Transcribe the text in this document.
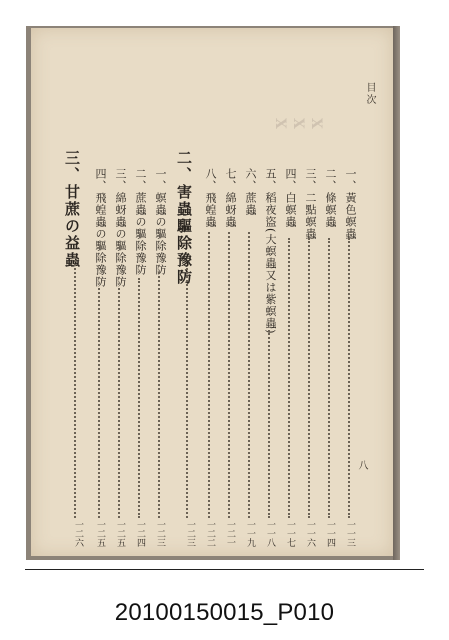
目次
X
X
X
一、黃色螟蟲
一一三
二、條螟蟲
一一四
三、二點螟蟲
一一六
四、白螟蟲
一一七
五、稻夜盜(大螟蟲又は紫螟蟲)
一一八
六、蔗蟲
一一九
七、綿蚜蟲
一二一
八、飛蝗蟲
一二二
二、害蟲驅除豫防
一二三
一、螟蟲の驅除豫防
一二三
二、蔗蟲の驅除豫防
一二四
三、綿蚜蟲の驅除豫防
一二五
四、飛蝗蟲の驅除豫防
一二五
三、甘蔗の益蟲
一二六
八
20100150015_P010
